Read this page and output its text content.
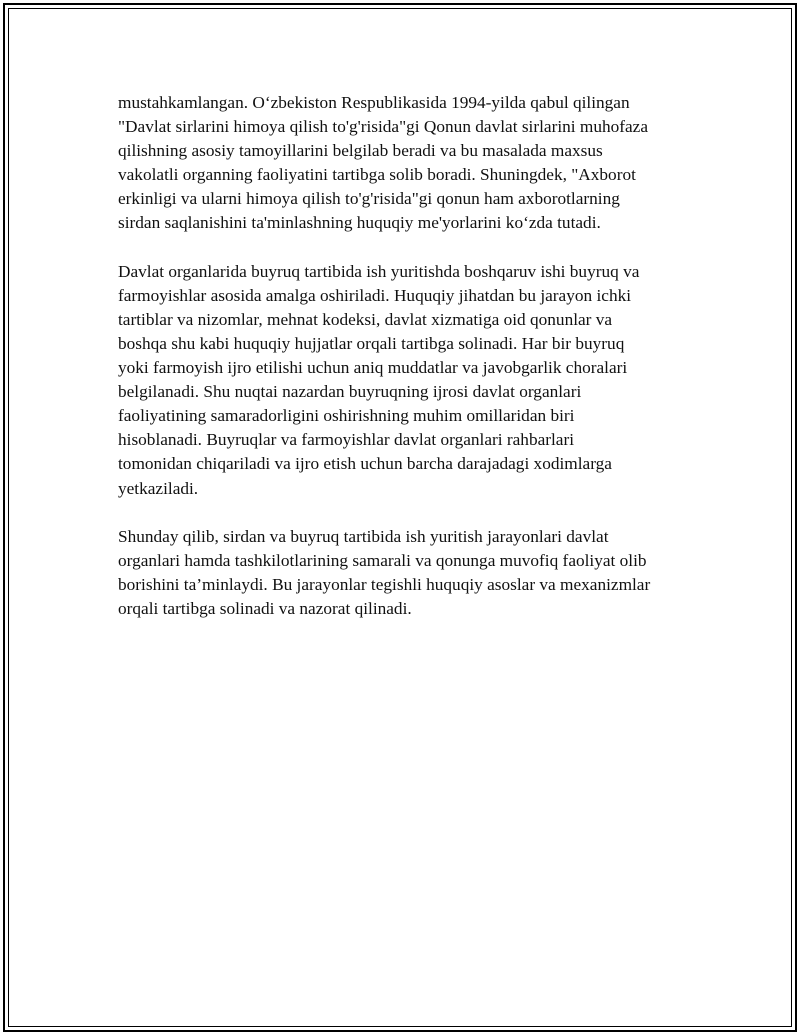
mustahkamlangan. O‘zbekiston Respublikasida 1994-yilda qabul qilingan
"Davlat sirlarini himoya qilish to'g'risida"gi Qonun davlat sirlarini muhofaza
qilishning asosiy tamoyillarini belgilab beradi va bu masalada maxsus
vakolatli organning faoliyatini tartibga solib boradi. Shuningdek, "Axborot
erkinligi va ularni himoya qilish to'g'risida"gi qonun ham axborotlarning
sirdan saqlanishini ta'minlashning huquqiy me'yorlarini ko‘zda tutadi.

Davlat organlarida buyruq tartibida ish yuritishda boshqaruv ishi buyruq va
farmoyishlar asosida amalga oshiriladi. Huquqiy jihatdan bu jarayon ichki
tartiblar va nizomlar, mehnat kodeksi, davlat xizmatiga oid qonunlar va
boshqa shu kabi huquqiy hujjatlar orqali tartibga solinadi. Har bir buyruq
yoki farmoyish ijro etilishi uchun aniq muddatlar va javobgarlik choralari
belgilanadi. Shu nuqtai nazardan buyruqning ijrosi davlat organlari
faoliyatining samaradorligini oshirishning muhim omillaridan biri
hisoblanadi. Buyruqlar va farmoyishlar davlat organlari rahbarlari
tomonidan chiqariladi va ijro etish uchun barcha darajadagi xodimlarga
yetkaziladi.

Shunday qilib, sirdan va buyruq tartibida ish yuritish jarayonlari davlat
organlari hamda tashkilotlarining samarali va qonunga muvofiq faoliyat olib
borishini ta’minlaydi. Bu jarayonlar tegishli huquqiy asoslar va mexanizmlar
orqali tartibga solinadi va nazorat qilinadi.
